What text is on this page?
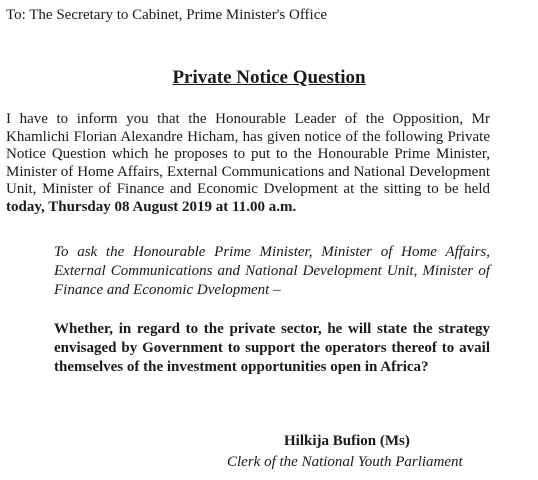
To: The Secretary to Cabinet, Prime Minister's Office
Private Notice Question
I have to inform you that the Honourable Leader of the Opposition, Mr Khamlichi Florian Alexandre Hicham, has given notice of the following Private Notice Question which he proposes to put to the Honourable Prime Minister, Minister of Home Affairs, External Communications and National Development Unit, Minister of Finance and Economic Dvelopment at the sitting to be held today, Thursday 08 August 2019 at 11.00 a.m.
To ask the Honourable Prime Minister, Minister of Home Affairs, External Communications and National Development Unit, Minister of Finance and Economic Dvelopment –
Whether, in regard to the private sector, he will state the strategy envisaged by Government to support the operators thereof to avail themselves of the investment opportunities open in Africa?
Hilkija Bufion (Ms)
Clerk of the National Youth Parliament
